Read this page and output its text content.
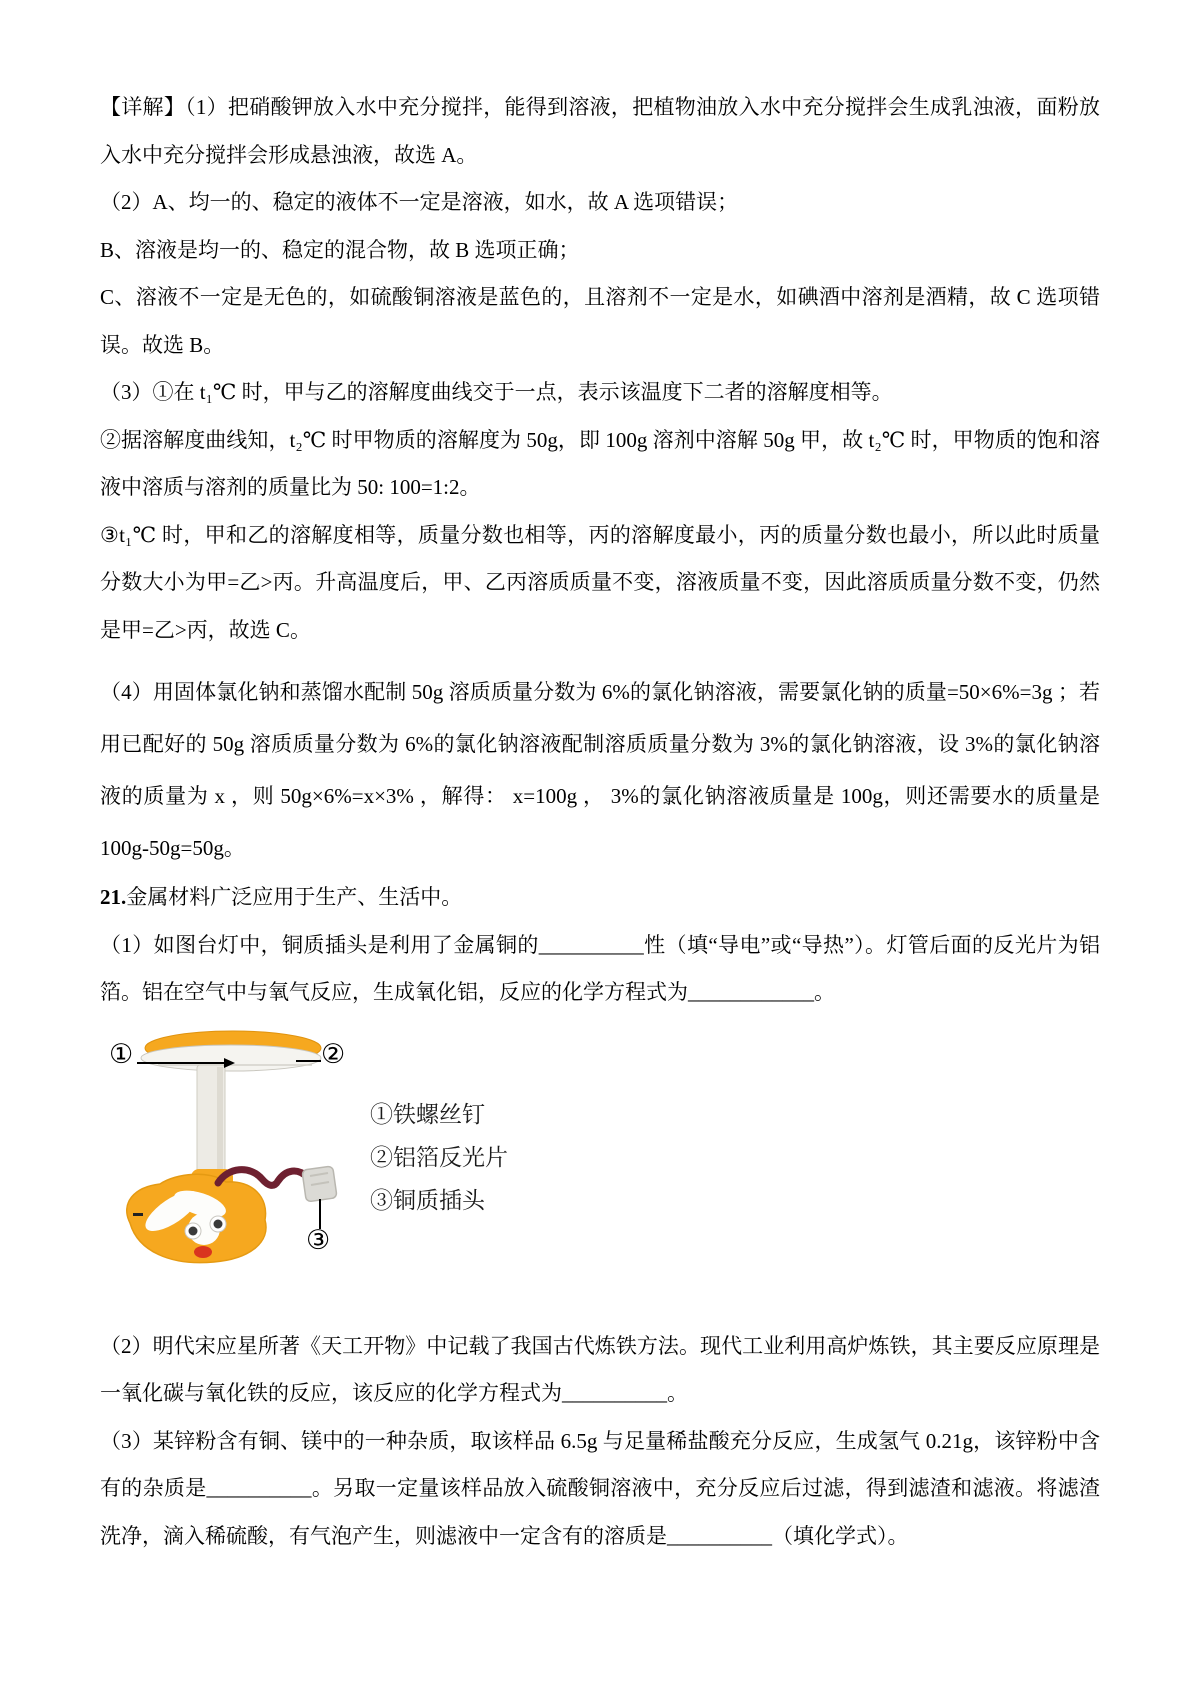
【详解】（1）把硝酸钾放入水中充分搅拌，能得到溶液，把植物油放入水中充分搅拌会生成乳浊液，面粉放入水中充分搅拌会形成悬浊液，故选 A。

（2）A、均一的、稳定的液体不一定是溶液，如水，故 A 选项错误；

B、溶液是均一的、稳定的混合物，故 B 选项正确；

C、溶液不一定是无色的，如硫酸铜溶液是蓝色的，且溶剂不一定是水，如碘酒中溶剂是酒精，故 C 选项错误。故选 B。

（3）①在 t₁℃ 时，甲与乙的溶解度曲线交于一点，表示该温度下二者的溶解度相等。

②据溶解度曲线知，t₂℃ 时甲物质的溶解度为 50g，即 100g 溶剂中溶解 50g 甲，故 t₂℃ 时，甲物质的饱和溶液中溶质与溶剂的质量比为 50: 100=1:2。

③t₁℃ 时，甲和乙的溶解度相等，质量分数也相等，丙的溶解度最小，丙的质量分数也最小，所以此时质量分数大小为甲=乙>丙。升高温度后，甲、乙丙溶质质量不变，溶液质量不变，因此溶质质量分数不变，仍然是甲=乙>丙，故选 C。

（4）用固体氯化钠和蒸馏水配制 50g 溶质质量分数为 6%的氯化钠溶液，需要氯化钠的质量=50×6%=3g ；若用已配好的 50g 溶质质量分数为 6%的氯化钠溶液配制溶质质量分数为 3%的氯化钠溶液，设 3%的氯化钠溶液的质量为 x ，则 50g×6%=x×3% ，解得： x=100g ， 3%的氯化钠溶液质量是 100g，则还需要水的质量是 100g-50g=50g。

21.金属材料广泛应用于生产、生活中。

（1）如图台灯中，铜质插头是利用了金属铜的__________性（填“导电”或“导热”）。灯管后面的反光片为铝箔。铝在空气中与氧气反应，生成氧化铝，反应的化学方程式为____________。

①	②
③
①铁螺丝钉
②铝箔反光片
③铜质插头

（2）明代宋应星所著《天工开物》中记载了我国古代炼铁方法。现代工业利用高炉炼铁，其主要反应原理是一氧化碳与氧化铁的反应，该反应的化学方程式为__________。

（3）某锌粉含有铜、镁中的一种杂质，取该样品 6.5g 与足量稀盐酸充分反应，生成氢气 0.21g，该锌粉中含有的杂质是__________。另取一定量该样品放入硫酸铜溶液中，充分反应后过滤，得到滤渣和滤液。将滤渣洗净，滴入稀硫酸，有气泡产生，则滤液中一定含有的溶质是__________（填化学式）。
